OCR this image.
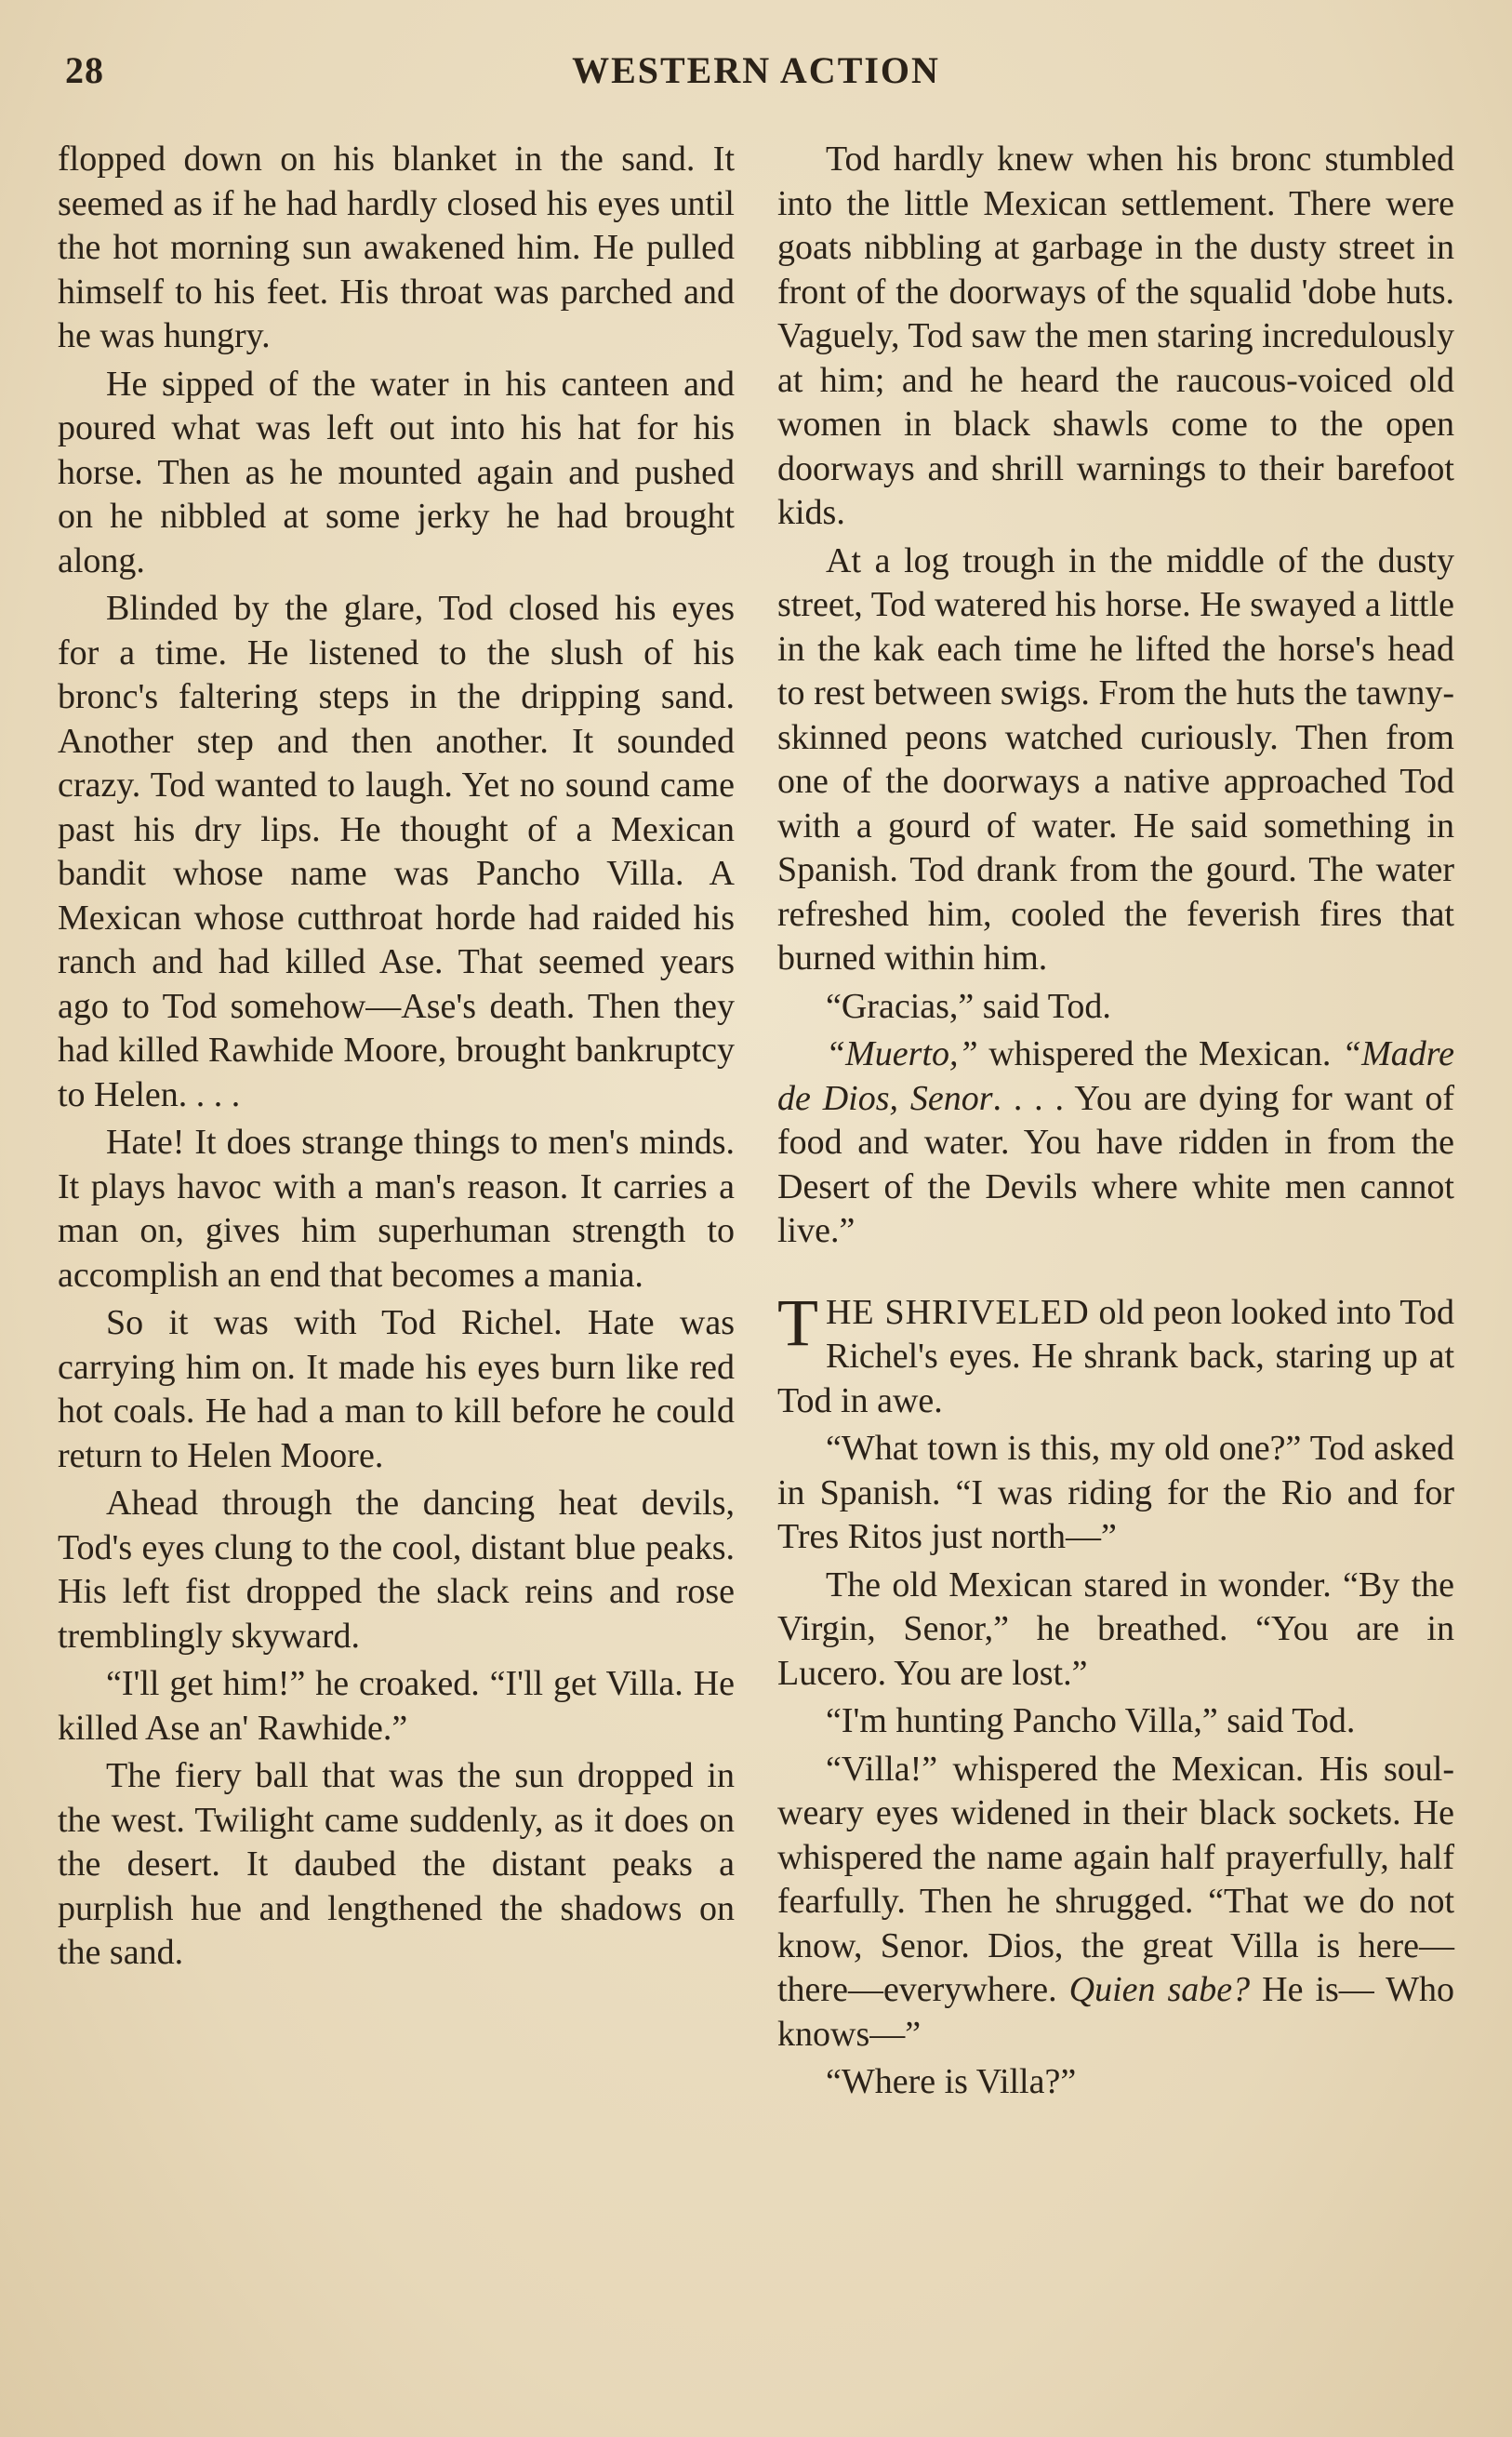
28	WESTERN ACTION

flopped down on his blanket in the sand. It seemed as if he had hardly closed his eyes until the hot morning sun awakened him. He pulled himself to his feet. His throat was parched and he was hungry.

He sipped of the water in his canteen and poured what was left out into his hat for his horse. Then as he mounted again and pushed on he nibbled at some jerky he had brought along.

Blinded by the glare, Tod closed his eyes for a time. He listened to the slush of his bronc's faltering steps in the dripping sand. Another step and then another. It sounded crazy. Tod wanted to laugh. Yet no sound came past his dry lips. He thought of a Mexican bandit whose name was Pancho Villa. A Mexican whose cutthroat horde had raided his ranch and had killed Ase. That seemed years ago to Tod somehow—Ase's death. Then they had killed Rawhide Moore, brought bankruptcy to Helen. . . .

Hate! It does strange things to men's minds. It plays havoc with a man's reason. It carries a man on, gives him superhuman strength to accomplish an end that becomes a mania.

So it was with Tod Richel. Hate was carrying him on. It made his eyes burn like red hot coals. He had a man to kill before he could return to Helen Moore.

Ahead through the dancing heat devils, Tod's eyes clung to the cool, distant blue peaks. His left fist dropped the slack reins and rose tremblingly skyward.

“I'll get him!” he croaked. “I'll get Villa. He killed Ase an' Rawhide.”

The fiery ball that was the sun dropped in the west. Twilight came suddenly, as it does on the desert. It daubed the distant peaks a purplish hue and lengthened the shadows on the sand.

Tod hardly knew when his bronc stumbled into the little Mexican settlement. There were goats nibbling at garbage in the dusty street in front of the doorways of the squalid 'dobe huts. Vaguely, Tod saw the men staring incredulously at him; and he heard the raucous-voiced old women in black shawls come to the open doorways and shrill warnings to their barefoot kids.

At a log trough in the middle of the dusty street, Tod watered his horse. He swayed a little in the kak each time he lifted the horse's head to rest between swigs. From the huts the tawny-skinned peons watched curiously. Then from one of the doorways a native approached Tod with a gourd of water. He said something in Spanish. Tod drank from the gourd. The water refreshed him, cooled the feverish fires that burned within him.

“Gracias,” said Tod.

“Muerto,” whispered the Mexican. “Madre de Dios, Senor. . . . You are dying for want of food and water. You have ridden in from the Desert of the Devils where white men cannot live.”

THE SHRIVELED old peon looked into Tod Richel's eyes. He shrank back, staring up at Tod in awe.

“What town is this, my old one?” Tod asked in Spanish. “I was riding for the Rio and for Tres Ritos just north—”

The old Mexican stared in wonder. “By the Virgin, Senor,” he breathed. “You are in Lucero. You are lost.”

“I'm hunting Pancho Villa,” said Tod.

“Villa!” whispered the Mexican. His soul-weary eyes widened in their black sockets. He whispered the name again half prayerfully, half fearfully. Then he shrugged. “That we do not know, Senor. Dios, the great Villa is here—there—everywhere. Quien sabe? He is— Who knows—”

“Where is Villa?”
